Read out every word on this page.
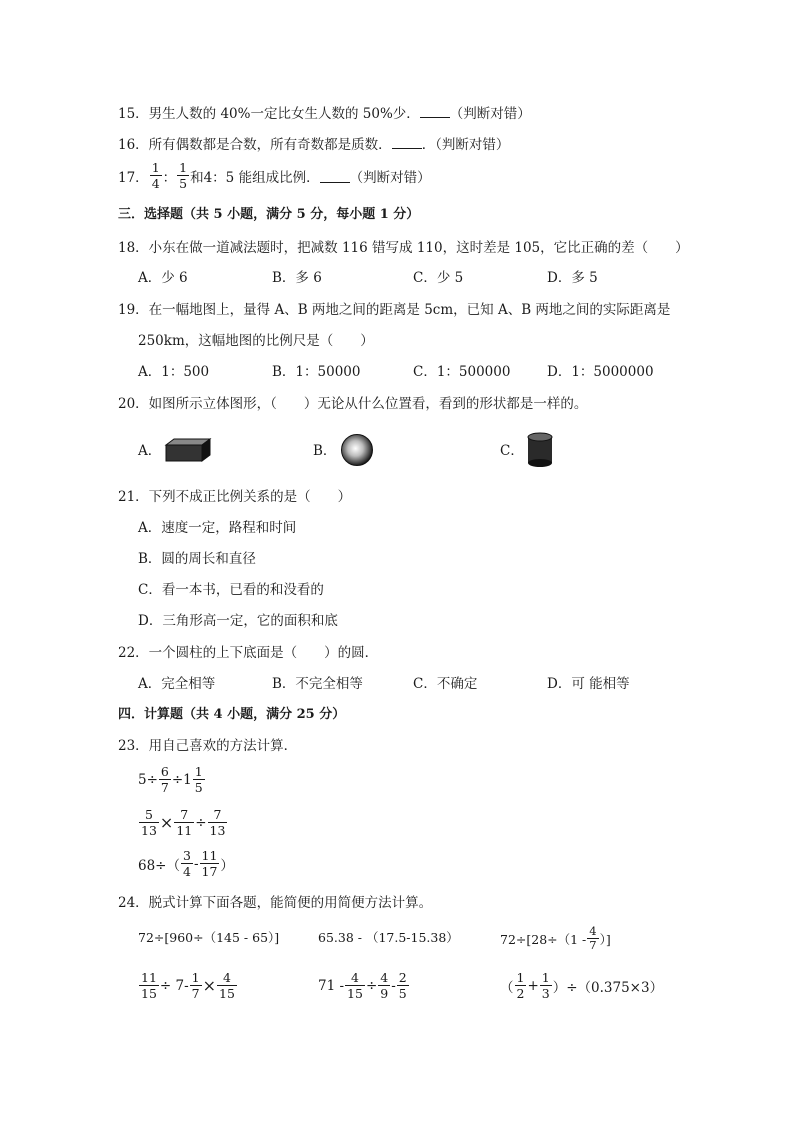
15．男生人数的 40%一定比女生人数的 50%少． （判断对错）
16．所有偶数都是合数，所有奇数都是质数． ．（判断对错）
17． $\frac{1}{4}$ ： $\frac{1}{5}$ 和4：5 能组成比例． （判断对错）
三．选择题（共 5 小题，满分 5 分，每小题 1 分）
18．小东在做一道减法题时，把减数 116 错写成 110，这时差是 105，它比正确的差（　　）
A．少 6	B．多 6	C．少 5	D．多 5
19．在一幅地图上，量得 A、B 两地之间的距离是 5cm，已知 A、B 两地之间的实际距离是
250km，这幅地图的比例尺是（　　）
A．1：500	B．1：50000	C．1：500000	D．1：5000000
20．如图所示立体图形，（　　）无论从什么位置看，看到的形状都是一样的。
A．	B．	C．
21．下列不成正比例关系的是（　　）
A．速度一定，路程和时间
B．圆的周长和直径
C．看一本书，已看的和没看的
D．三角形高一定，它的面积和底
22．一个圆柱的上下底面是（　　）的圆．
A．完全相等	B．不完全相等	C．不确定	D．可 能相等
四．计算题（共 4 小题，满分 25 分）
23．用自己喜欢的方法计算．
$5\div \frac{6}{7} \div 1 \frac{1}{5}$
$\frac{5}{13} \times \frac{7}{11} \div \frac{7}{13}$
$68\div( \frac{3}{4} - \frac{11}{17}$ ）
24．脱式计算下面各题，能简便的用简便方法计算。
72÷[960÷（145 - 65）]	65.38 - （17.5-15.38）	$72\div[28\div(1 - \frac{4}{7}$ ）]
$\frac{11}{15} \div 7- \frac{1}{7} \times \frac{4}{15}$	$71 - \frac{4}{15} \div \frac{4}{9} - \frac{2}{5}$	（ $\frac{1}{2} + \frac{1}{3} )\div(0.375\times 3)$
